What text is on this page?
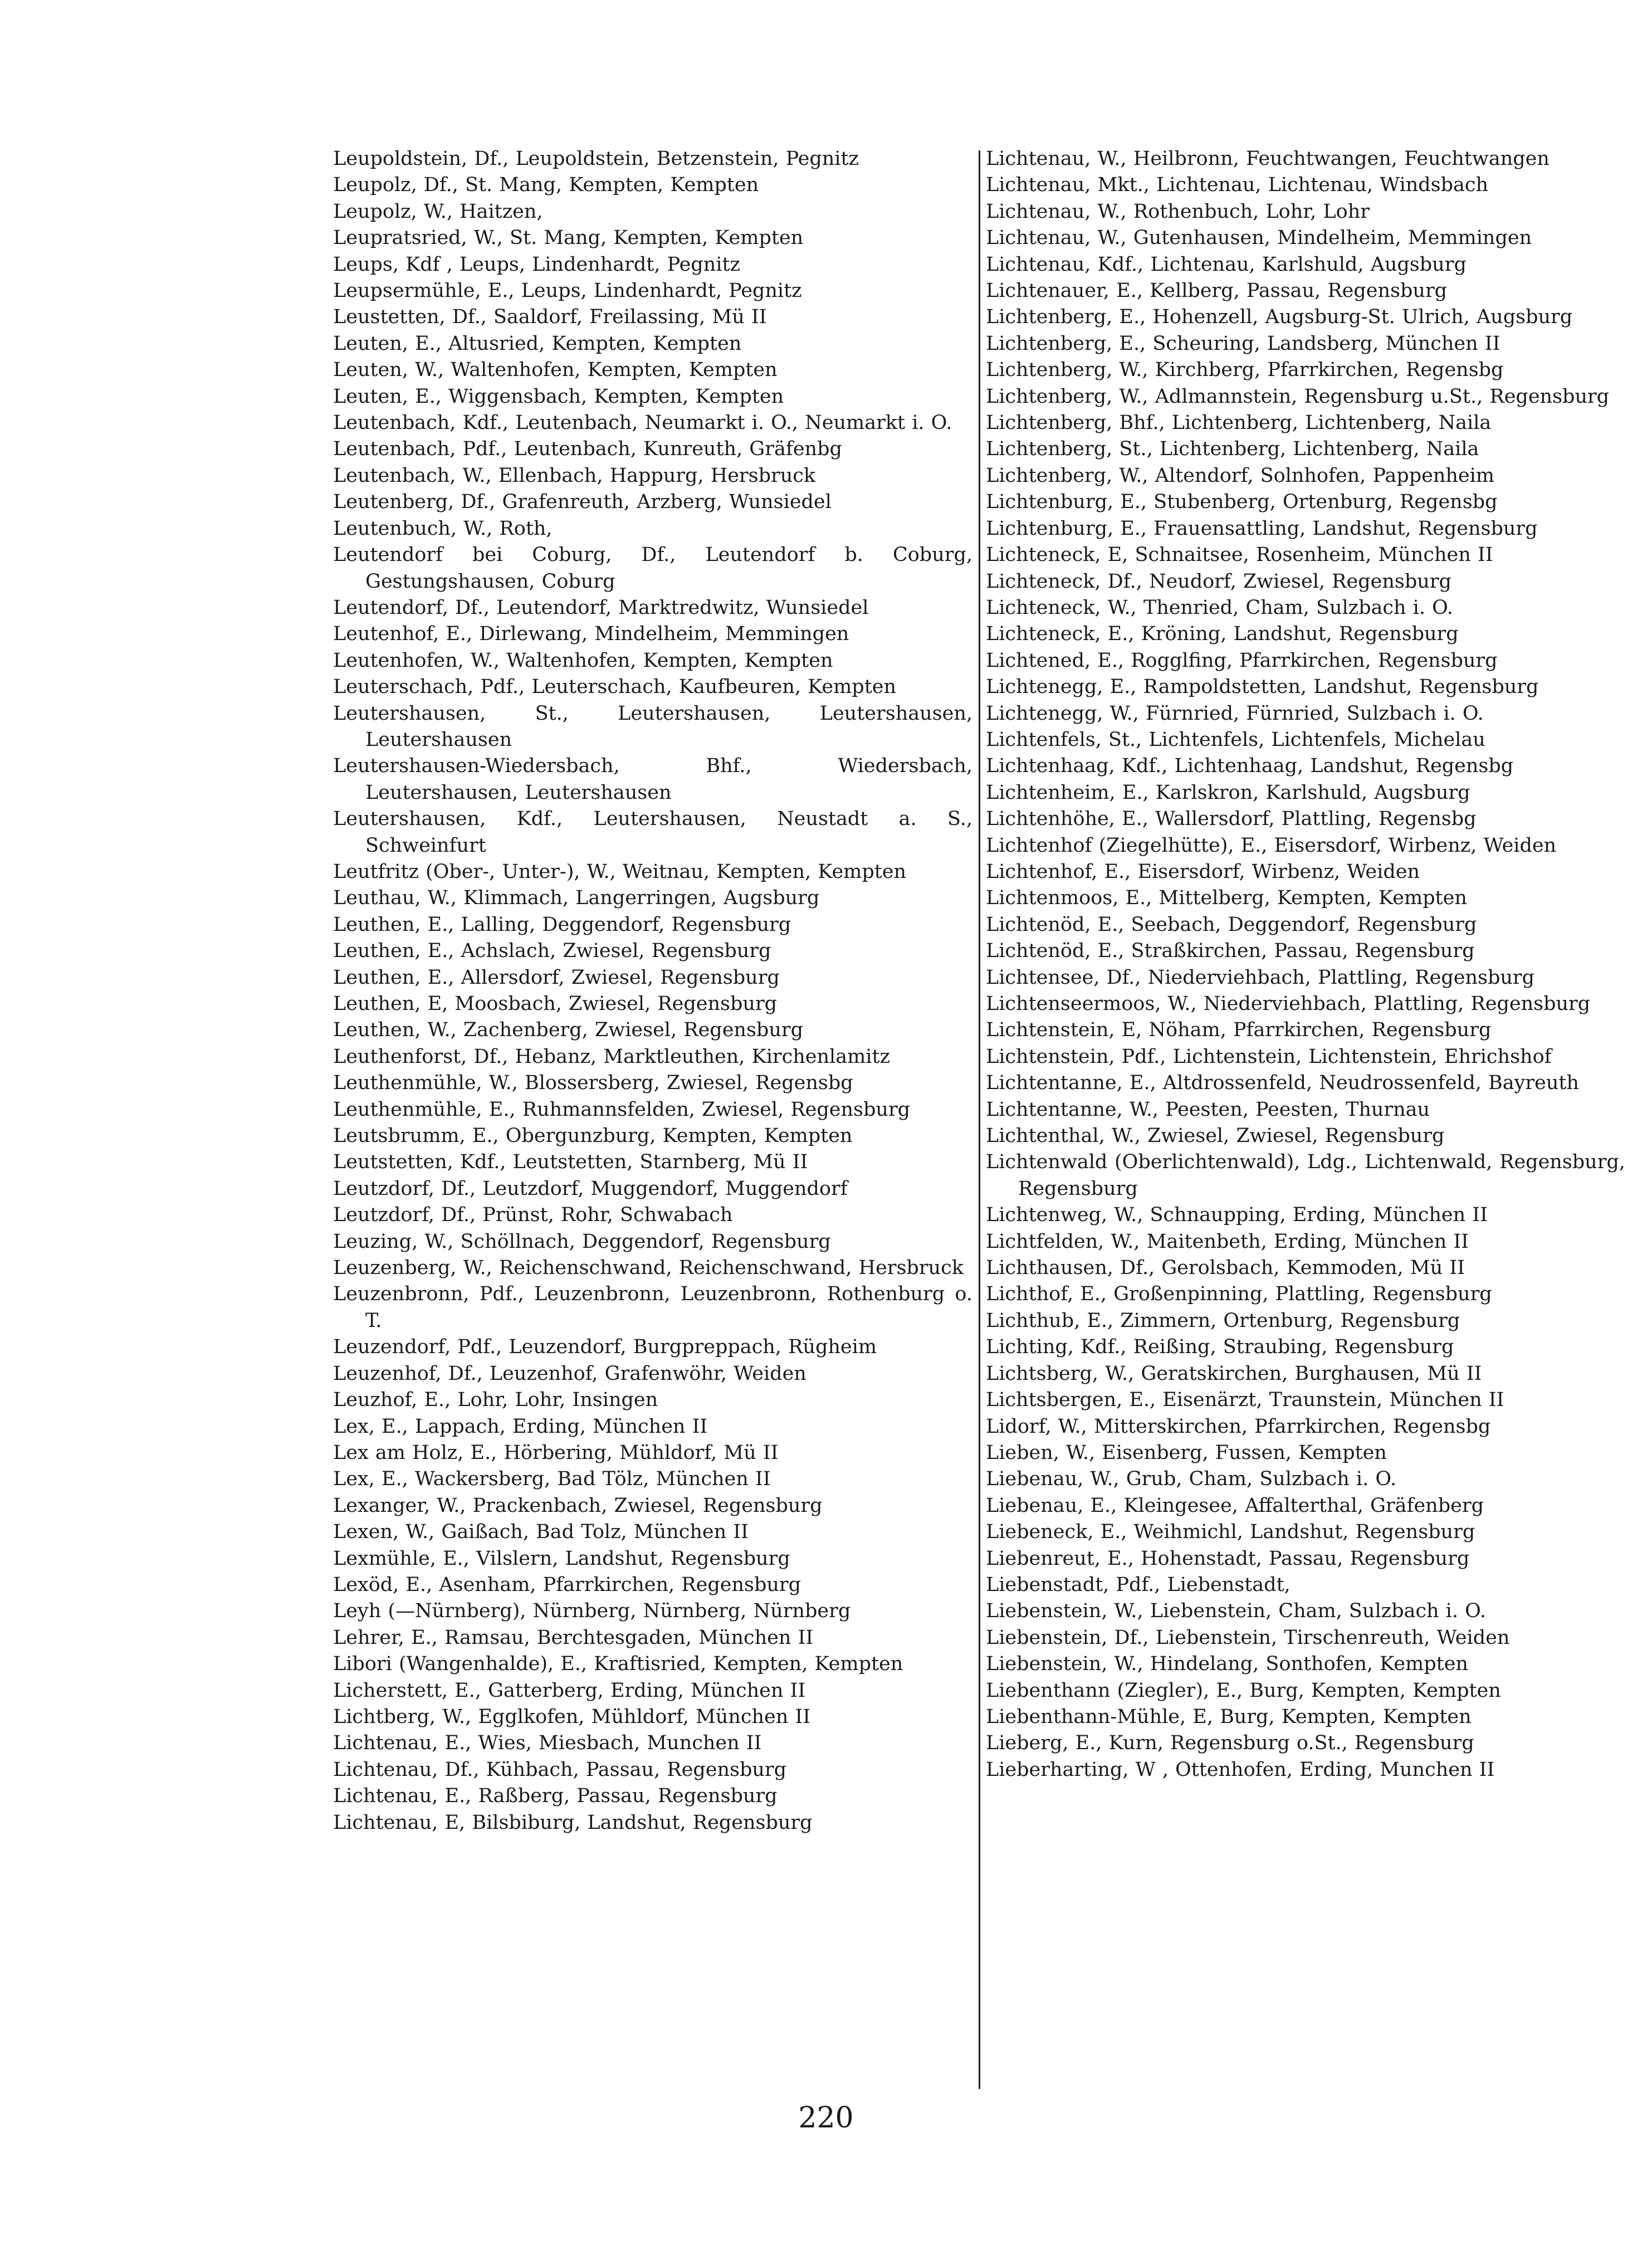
Leupoldstein, Df., Leupoldstein, Betzenstein, Pegnitz
Leupolz, Df., St. Mang, Kempten, Kempten
Leupolz, W., Haitzen,
Leupratsried, W., St. Mang, Kempten, Kempten
Leups, Kdf , Leups, Lindenhardt, Pegnitz
Leupsermühle, E., Leups, Lindenhardt, Pegnitz
Leustetten, Df., Saaldorf, Freilassing, Mü II
Leuten, E., Altusried, Kempten, Kempten
Leuten, W., Waltenhofen, Kempten, Kempten
Leuten, E., Wiggensbach, Kempten, Kempten
Leutenbach, Kdf., Leutenbach, Neumarkt i. O., Neumarkt i. O.
Leutenbach, Pdf., Leutenbach, Kunreuth, Gräfenbg
Leutenbach, W., Ellenbach, Happurg, Hersbruck
Leutenberg, Df., Grafenreuth, Arzberg, Wunsiedel
Leutenbuch, W., Roth,
Leutendorf bei Coburg, Df., Leutendorf b. Coburg, Gestungshausen, Coburg
Leutendorf, Df., Leutendorf, Marktredwitz, Wunsiedel
Leutenhof, E., Dirlewang, Mindelheim, Memmingen
Leutenhofen, W., Waltenhofen, Kempten, Kempten
Leuterschach, Pdf., Leuterschach, Kaufbeuren, Kempten
Leutershausen, St., Leutershausen, Leutershausen, Leutershausen
Leutershausen-Wiedersbach, Bhf., Wiedersbach, Leutershausen, Leutershausen
Leutershausen, Kdf., Leutershausen, Neustadt a. S., Schweinfurt
Leutfritz (Ober-, Unter-), W., Weitnau, Kempten, Kempten
Leuthau, W., Klimmach, Langerringen, Augsburg
Leuthen, E., Lalling, Deggendorf, Regensburg
Leuthen, E., Achslach, Zwiesel, Regensburg
Leuthen, E., Allersdorf, Zwiesel, Regensburg
Leuthen, E, Moosbach, Zwiesel, Regensburg
Leuthen, W., Zachenberg, Zwiesel, Regensburg
Leuthenforst, Df., Hebanz, Marktleuthen, Kirchenlamitz
Leuthenmühle, W., Blossersberg, Zwiesel, Regensbg
Leuthenmühle, E., Ruhmannsfelden, Zwiesel, Regensburg
Leutsbrumm, E., Obergunzburg, Kempten, Kempten
Leutstetten, Kdf., Leutstetten, Starnberg, Mü II
Leutzdorf, Df., Leutzdorf, Muggendorf, Muggendorf
Leutzdorf, Df., Prünst, Rohr, Schwabach
Leuzing, W., Schöllnach, Deggendorf, Regensburg
Leuzenberg, W., Reichenschwand, Reichenschwand, Hersbruck
Leuzenbronn, Pdf., Leuzenbronn, Leuzenbronn, Rothenburg o. T.
Leuzendorf, Pdf., Leuzendorf, Burgpreppach, Rügheim
Leuzenhof, Df., Leuzenhof, Grafenwöhr, Weiden
Leuzhof, E., Lohr, Lohr, Insingen
Lex, E., Lappach, Erding, München II
Lex am Holz, E., Hörbering, Mühldorf, Mü II
Lex, E., Wackersberg, Bad Tölz, München II
Lexanger, W., Prackenbach, Zwiesel, Regensburg
Lexen, W., Gaißach, Bad Tolz, München II
Lexmühle, E., Vilslern, Landshut, Regensburg
Lexöd, E., Asenham, Pfarrkirchen, Regensburg
Leyh (—Nürnberg), Nürnberg, Nürnberg, Nürnberg
Lehrer, E., Ramsau, Berchtesgaden, München II
Libori (Wangenhalde), E., Kraftisried, Kempten, Kempten
Licherstett, E., Gatterberg, Erding, München II
Lichtberg, W., Egglkofen, Mühldorf, München II
Lichtenau, E., Wies, Miesbach, Munchen II
Lichtenau, Df., Kühbach, Passau, Regensburg
Lichtenau, E., Raßberg, Passau, Regensburg
Lichtenau, E, Bilsbiburg, Landshut, Regensburg
Lichtenau, W., Heilbronn, Feuchtwangen, Feuchtwangen
Lichtenau, Mkt., Lichtenau, Lichtenau, Windsbach
Lichtenau, W., Rothenbuch, Lohr, Lohr
Lichtenau, W., Gutenhausen, Mindelheim, Memmingen
Lichtenau, Kdf., Lichtenau, Karlshuld, Augsburg
Lichtenauer, E., Kellberg, Passau, Regensburg
Lichtenberg, E., Hohenzell, Augsburg-St. Ulrich, Augsburg
Lichtenberg, E., Scheuring, Landsberg, München II
Lichtenberg, W., Kirchberg, Pfarrkirchen, Regensbg
Lichtenberg, W., Adlmannstein, Regensburg u.St., Regensburg
Lichtenberg, Bhf., Lichtenberg, Lichtenberg, Naila
Lichtenberg, St., Lichtenberg, Lichtenberg, Naila
Lichtenberg, W., Altendorf, Solnhofen, Pappenheim
Lichtenburg, E., Stubenberg, Ortenburg, Regensbg
Lichtenburg, E., Frauensattling, Landshut, Regensburg
Lichteneck, E, Schnaitsee, Rosenheim, München II
Lichteneck, Df., Neudorf, Zwiesel, Regensburg
Lichteneck, W., Thenried, Cham, Sulzbach i. O.
Lichteneck, E., Kröning, Landshut, Regensburg
Lichtened, E., Rogglfing, Pfarrkirchen, Regensburg
Lichtenegg, E., Rampoldstetten, Landshut, Regensburg
Lichtenegg, W., Fürnried, Fürnried, Sulzbach i. O.
Lichtenfels, St., Lichtenfels, Lichtenfels, Michelau
Lichtenhaag, Kdf., Lichtenhaag, Landshut, Regensbg
Lichtenheim, E., Karlskron, Karlshuld, Augsburg
Lichtenhöhe, E., Wallersdorf, Plattling, Regensbg
Lichtenhof (Ziegelhütte), E., Eisersdorf, Wirbenz, Weiden
Lichtenhof, E., Eisersdorf, Wirbenz, Weiden
Lichtenmoos, E., Mittelberg, Kempten, Kempten
Lichtenöd, E., Seebach, Deggendorf, Regensburg
Lichtenöd, E., Straßkirchen, Passau, Regensburg
Lichtensee, Df., Niederviehbach, Plattling, Regensburg
Lichtenseermoos, W., Niederviehbach, Plattling, Regensburg
Lichtenstein, E, Nöham, Pfarrkirchen, Regensburg
Lichtenstein, Pdf., Lichtenstein, Lichtenstein, Ehrichshof
Lichtentanne, E., Altdrossenfeld, Neudrossenfeld, Bayreuth
Lichtentanne, W., Peesten, Peesten, Thurnau
Lichtenthal, W., Zwiesel, Zwiesel, Regensburg
Lichtenwald (Oberlichtenwald), Ldg., Lichtenwald, Regensburg, Regensburg
Lichtenweg, W., Schnaupping, Erding, München II
Lichtfelden, W., Maitenbeth, Erding, München II
Lichthausen, Df., Gerolsbach, Kemmoden, Mü II
Lichthof, E., Großenpinning, Plattling, Regensburg
Lichthub, E., Zimmern, Ortenburg, Regensburg
Lichting, Kdf., Reißing, Straubing, Regensburg
Lichtsberg, W., Geratskirchen, Burghausen, Mü II
Lichtsbergen, E., Eisenärzt, Traunstein, München II
Lidorf, W., Mitterskirchen, Pfarrkirchen, Regensbg
Lieben, W., Eisenberg, Fussen, Kempten
Liebenau, W., Grub, Cham, Sulzbach i. O.
Liebenau, E., Kleingesee, Affalterthal, Gräfenberg
Liebeneck, E., Weihmichl, Landshut, Regensburg
Liebenreut, E., Hohenstadt, Passau, Regensburg
Liebenstadt, Pdf., Liebenstadt,
Liebenstein, W., Liebenstein, Cham, Sulzbach i. O.
Liebenstein, Df., Liebenstein, Tirschenreuth, Weiden
Liebenstein, W., Hindelang, Sonthofen, Kempten
Liebenthann (Ziegler), E., Burg, Kempten, Kempten
Liebenthann-Mühle, E, Burg, Kempten, Kempten
Lieberg, E., Kurn, Regensburg o.St., Regensburg
Lieberharting, W , Ottenhofen, Erding, Munchen II
220
